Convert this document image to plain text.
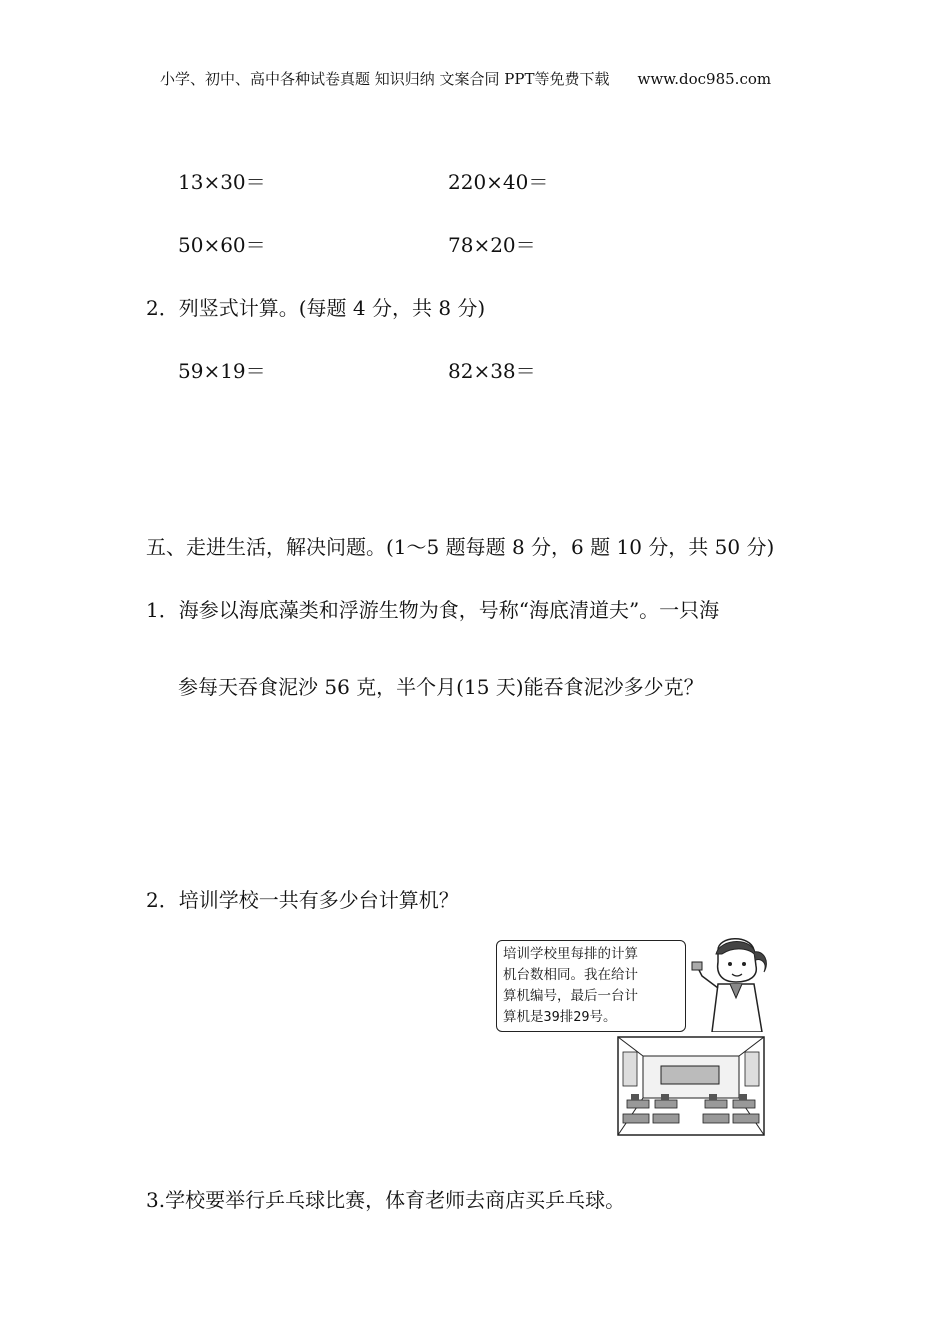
小学、初中、高中各种试卷真题 知识归纳 文案合同 PPT等免费下载 www.doc985.com
13×30＝	220×40＝
50×60＝	78×20＝
2．列竖式计算。(每题 4 分，共 8 分)
59×19＝	82×38＝
五、走进生活，解决问题。(1～5 题每题 8 分，6 题 10 分，共 50 分)
1．海参以海底藻类和浮游生物为食，号称“海底清道夫”。一只海
参每天吞食泥沙 56 克，半个月(15 天)能吞食泥沙多少克？
2．培训学校一共有多少台计算机？
培训学校里每排的计算
机台数相同。我在给计
算机编号，最后一台计
算机是39排29号。
3.学校要举行乒乓球比赛，体育老师去商店买乒乓球。
